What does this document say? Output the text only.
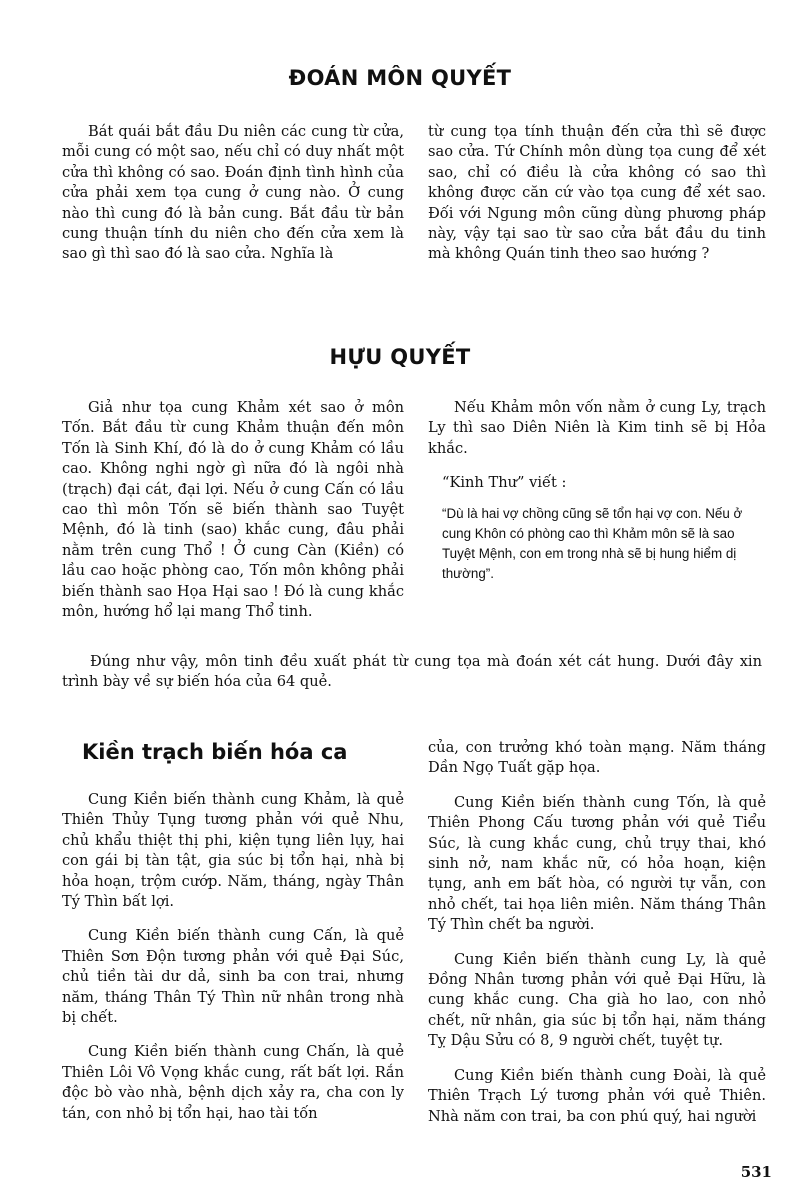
ĐOÁN MÔN QUYẾT

Bát quái bắt đầu Du niên các cung từ cửa, mỗi cung có một sao, nếu chỉ có duy nhất một cửa thì không có sao. Đoán định tình hình của cửa phải xem tọa cung ở cung nào. Ở cung nào thì cung đó là bản cung. Bắt đầu từ bản cung thuận tính du niên cho đến cửa xem là sao gì thì sao đó là sao cửa. Nghĩa là

từ cung tọa tính thuận đến cửa thì sẽ được sao cửa. Tứ Chính môn dùng tọa cung để xét sao, chỉ có điều là cửa không có sao thì không được căn cứ vào tọa cung để xét sao. Đối với Ngung môn cũng dùng phương pháp này, vậy tại sao từ sao cửa bắt đầu du tinh mà không Quán tinh theo sao hướng ?

HỰU QUYẾT

Giả như tọa cung Khảm xét sao ở môn Tốn. Bắt đầu từ cung Khảm thuận đến môn Tốn là Sinh Khí, đó là do ở cung Khảm có lầu cao. Không nghi ngờ gì nữa đó là ngôi nhà (trạch) đại cát, đại lợi. Nếu ở cung Cấn có lầu cao thì môn Tốn sẽ biến thành sao Tuyệt Mệnh, đó là tinh (sao) khắc cung, đâu phải nằm trên cung Thổ ! Ở cung Càn (Kiền) có lầu cao hoặc phòng cao, Tốn môn không phải biến thành sao Họa Hại sao ! Đó là cung khắc môn, hướng hổ lại mang Thổ tinh.

Nếu Khảm môn vốn nằm ở cung Ly, trạch Ly thì sao Diên Niên là Kim tinh sẽ bị Hỏa khắc.

“Kinh Thư” viết :

“Dù là hai vợ chồng cũng sẽ tổn hại vợ con. Nếu ở cung Khôn có phòng cao thì Khảm môn sẽ là sao Tuyệt Mệnh, con em trong nhà sẽ bị hung hiểm dị thường”.

Đúng như vậy, môn tinh đều xuất phát từ cung tọa mà đoán xét cát hung. Dưới đây xin trình bày về sự biến hóa của 64 quẻ.

Kiền trạch biến hóa ca

Cung Kiền biến thành cung Khảm, là quẻ Thiên Thủy Tụng tương phản với quẻ Nhu, chủ khẩu thiệt thị phi, kiện tụng liên lụy, hai con gái bị tàn tật, gia súc bị tổn hại, nhà bị hỏa hoạn, trộm cướp. Năm, tháng, ngày Thân Tý Thìn bất lợi.

Cung Kiền biến thành cung Cấn, là quẻ Thiên Sơn Độn tương phản với quẻ Đại Súc, chủ tiền tài dư dả, sinh ba con trai, nhưng năm, tháng Thân Tý Thìn nữ nhân trong nhà bị chết.

Cung Kiền biến thành cung Chấn, là quẻ Thiên Lôi Vô Vọng khắc cung, rất bất lợi. Rắn độc bò vào nhà, bệnh dịch xảy ra, cha con ly tán, con nhỏ bị tổn hại, hao tài tốn

của, con trưởng khó toàn mạng. Năm tháng Dần Ngọ Tuất gặp họa.

Cung Kiền biến thành cung Tốn, là quẻ Thiên Phong Cấu tương phản với quẻ Tiểu Súc, là cung khắc cung, chủ trụy thai, khó sinh nở, nam khắc nữ, có hỏa hoạn, kiện tụng, anh em bất hòa, có người tự vẫn, con nhỏ chết, tai họa liên miên. Năm tháng Thân Tý Thìn chết ba người.

Cung Kiền biến thành cung Ly, là quẻ Đồng Nhân tương phản với quẻ Đại Hữu, là cung khắc cung. Cha già ho lao, con nhỏ chết, nữ nhân, gia súc bị tổn hại, năm tháng Tỵ Dậu Sửu có 8, 9 người chết, tuyệt tự.

Cung Kiền biến thành cung Đoài, là quẻ Thiên Trạch Lý tương phản với quẻ Thiên. Nhà năm con trai, ba con phú quý, hai người

531
